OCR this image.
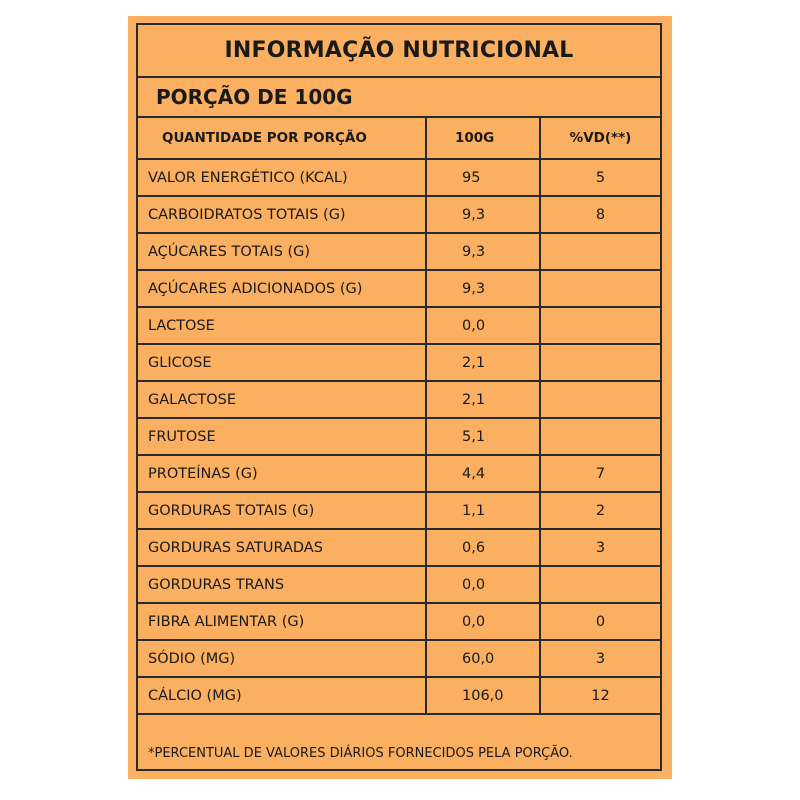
INFORMAÇÃO NUTRICIONAL
PORÇÃO DE 100G
QUANTIDADE POR PORÇÃO	100G	%VD(**)
VALOR ENERGÉTICO (KCAL)	95	5
CARBOIDRATOS TOTAIS (G)	9,3	8
AÇÚCARES TOTAIS (G)	9,3	
AÇÚCARES ADICIONADOS (G)	9,3	
LACTOSE	0,0	
GLICOSE	2,1	
GALACTOSE	2,1	
FRUTOSE	5,1	
PROTEÍNAS (G)	4,4	7
GORDURAS TOTAIS (G)	1,1	2
GORDURAS SATURADAS	0,6	3
GORDURAS TRANS	0,0	
FIBRA ALIMENTAR (G)	0,0	0
SÓDIO (MG)	60,0	3
CÁLCIO (MG)	106,0	12
*PERCENTUAL DE VALORES DIÁRIOS FORNECIDOS PELA PORÇÃO.
